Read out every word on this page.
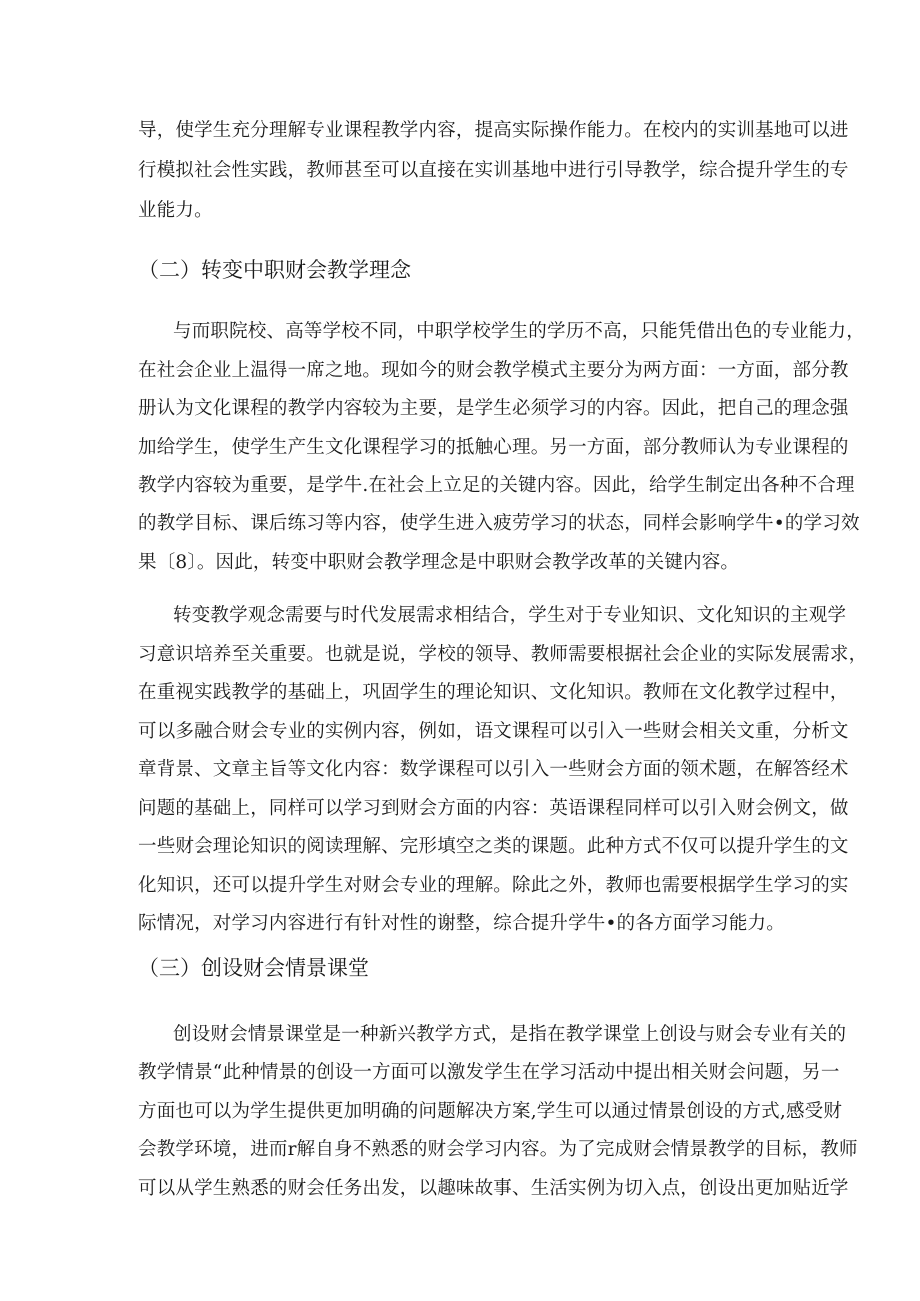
导，使学生充分理解专业课程教学内容，提高实际操作能力。在校内的实训基地可以进
行模拟社会性实践，教师甚至可以直接在实训基地中进行引导教学，综合提升学生的专
业能力。
（二）转变中职财会教学理念
与而职院校、高等学校不同，中职学校学生的学历不高，只能凭借出色的专业能力，
在社会企业上温得一席之地。现如今的财会教学模式主要分为两方面：一方面，部分教
册认为文化课程的教学内容较为主要，是学生必须学习的内容。因此，把自己的理念强
加给学生，使学生产生文化课程学习的抵触心理。另一方面，部分教师认为专业课程的
教学内容较为重要，是学牛.在社会上立足的关键内容。因此，给学生制定出各种不合理
的教学目标、课后练习等内容，使学生进入疲劳学习的状态，同样会影响学牛•的学习效
果〔8〕。因此，转变中职财会教学理念是中职财会教学改革的关键内容。
转变教学观念需要与时代发展需求相结合，学生对于专业知识、文化知识的主观学
习意识培养至关重要。也就是说，学校的领导、教师需要根据社会企业的实际发展需求，
在重视实践教学的基础上，巩固学生的理论知识、文化知识。教师在文化教学过程中，
可以多融合财会专业的实例内容，例如，语文课程可以引入一些财会相关文重，分析文
章背景、文章主旨等文化内容：数学课程可以引入一些财会方面的领术题，在解答经术
问题的基础上，同样可以学习到财会方面的内容：英语课程同样可以引入财会例文，做
一些财会理论知识的阅读理解、完形填空之类的课题。此种方式不仅可以提升学生的文
化知识，还可以提升学生对财会专业的理解。除此之外，教师也需要根据学生学习的实
际情况，对学习内容进行有针对性的谢整，综合提升学牛•的各方面学习能力。
（三）创设财会情景课堂
创设财会情景课堂是一种新兴教学方式，是指在教学课堂上创设与财会专业有关的
教学情景“此种情景的创设一方面可以激发学生在学习活动中提出相关财会问题，另一
方面也可以为学生提供更加明确的问题解决方案,学生可以通过情景创设的方式,感受财
会教学环境，进而r解自身不熟悉的财会学习内容。为了完成财会情景教学的目标，教师
可以从学生熟悉的财会任务出发，以趣味故事、生活实例为切入点，创设出更加贴近学
